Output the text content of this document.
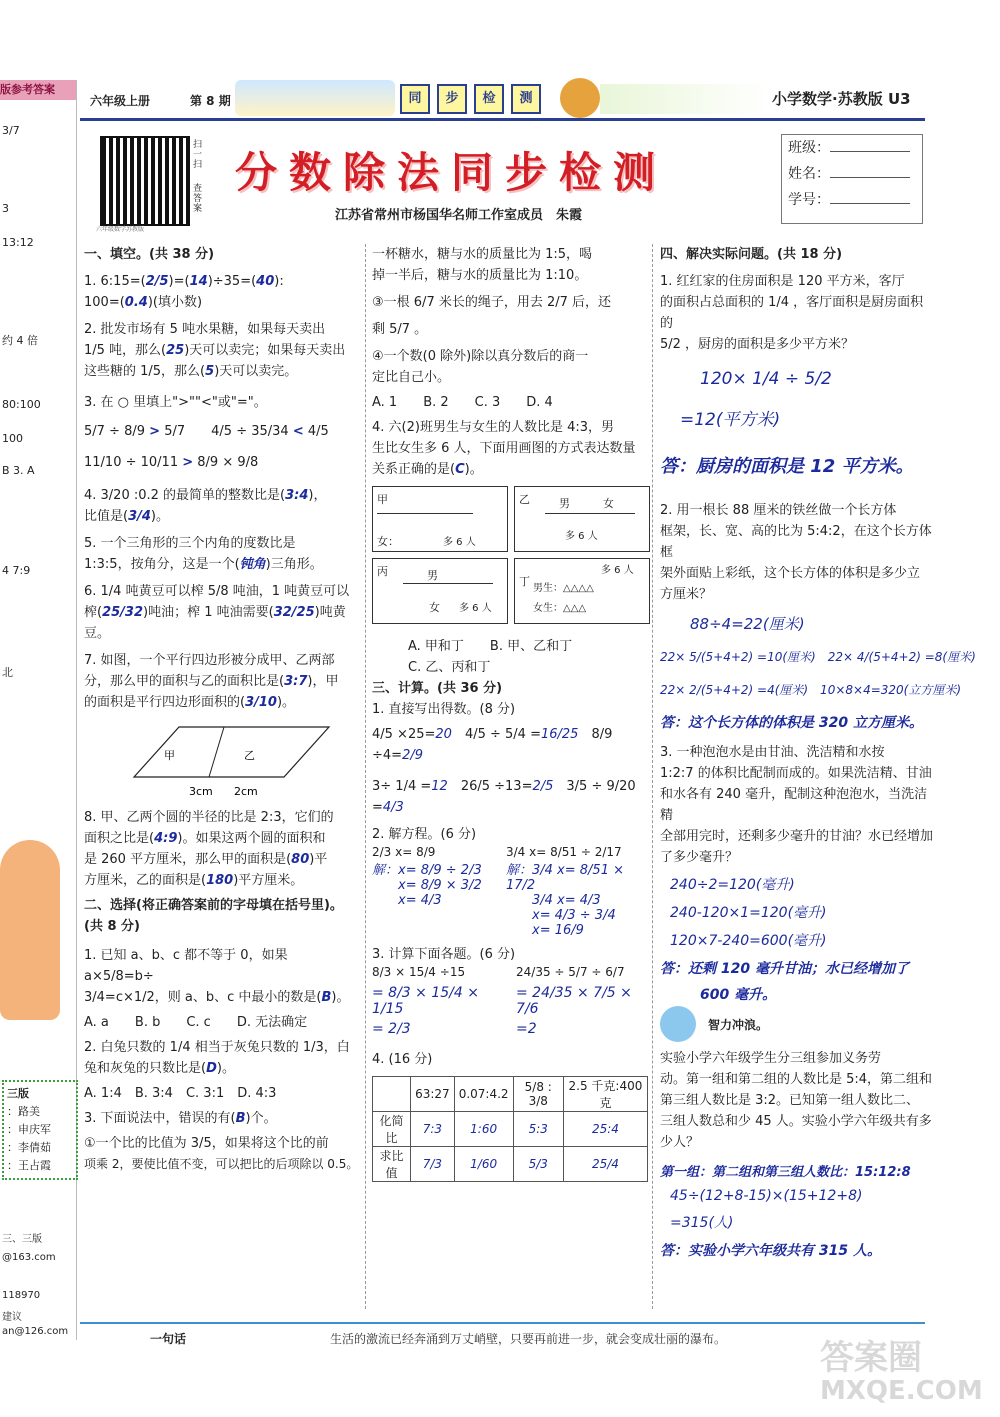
版参考答案
3/7
3
13:12
约 4 倍
80:100
100
B 3. A
4 7:9
北
三版
：路美
：申庆军
：李倩茹
：王占霞
三、三版
@163.com
118970
建议
an@126.com
六年级上册	第 8 期	同 步 检 测	小学数学·苏教版 U3
扫一扫
查答案
六年级数学苏教版
分数除法同步检测
江苏省常州市杨国华名师工作室成员　朱霞
班级：
姓名：
学号：

一、填空。(共 38 分)

1. 6:15=(2/5)=(14)÷35=(40):

100=(0.4)(填小数)

2. 批发市场有 5 吨水果糖，如果每天卖出

1/5 吨，那么(25)天可以卖完；如果每天卖出

这些糖的 1/5，那么(5)天可以卖完。

3. 在 ○ 里填上">""<"或"="。

5/7 ÷ 8/9 > 5/7　　 4/5 ÷ 35/34 < 4/5

11/10 ÷ 10/11 > 8/9 × 9/8

4. 3/20 :0.2 的最简单的整数比是(3:4)，

比值是(3/4)。

5. 一个三角形的三个内角的度数比是

1:3:5，按角分，这是一个(钝角)三角形。

6. 1/4 吨黄豆可以榨 5/8 吨油，1 吨黄豆可以

榨(25/32)吨油；榨 1 吨油需要(32/25)吨黄

豆。

7. 如图，一个平行四边形被分成甲、乙两部

分，那么甲的面积与乙的面积比是(3:7)，甲

的面积是平行四边形面积的(3/10)。

甲	乙
3cm 2cm

8. 甲、乙两个圆的半径的比是 2:3，它们的

面积之比是(4:9)。如果这两个圆的面积和

是 260 平方厘米，那么甲的面积是(80)平

方厘米，乙的面积是(180)平方厘米。

二、选择(将正确答案前的字母填在括号里)。

(共 8 分)

1. 已知 a、b、c 都不等于 0，如果 a×5/8=b÷

3/4=c×1/2，则 a、b、c 中最小的数是(B)。

A. a　　B. b　　C. c　　D. 无法确定

2. 白兔只数的 1/4 相当于灰兔只数的 1/3，白

兔和灰兔的只数比是(D)。

A. 1:4　B. 3:4　C. 3:1　D. 4:3

3. 下面说法中，错误的有(B)个。

①一个比的比值为 3/5，如果将这个比的前

项乘 2，要使比值不变，可以把比的后项除以 0.5。

一杯糖水，糖与水的质量比为 1:5，喝

掉一半后，糖与水的质量比为 1:10。

③一根 6/7 米长的绳子，用去 2/7 后，还

剩 5/7 。

④一个数(0 除外)除以真分数后的商一

定比自己小。

A. 1　　B. 2　　C. 3　　D. 4

4. 六(2)班男生与女生的人数比是 4:3，男

生比女生多 6 人，下面用画图的方式表达数量

关系正确的是(C)。

甲
女：	多 6 人
乙	男	女
多 6 人
丙	男
女 多 6 人
丁
多 6 人
男生：△△△△
女生：△△△

A. 甲和丁　　B. 甲、乙和丁

C. 乙、丙和丁

三、计算。(共 36 分)

1. 直接写出得数。(8 分)

4/5 ×25=20　 4/5 ÷ 5/4 =16/25　 8/9 ÷4=2/9

3÷ 1/4 =12　 26/5 ÷13=2/5　 3/5 ÷ 9/20 =4/3

2. 解方程。(6 分)

2/3 x= 8/9
解：x= 8/9 ÷ 2/3
x= 8/9 × 3/2
x= 4/3
3/4 x= 8/51 ÷ 2/17
解：3/4 x= 8/51 × 17/2
3/4 x= 4/3
x= 4/3 ÷ 3/4
x= 16/9

3. 计算下面各题。(6 分)

8/3 × 15/4 ÷15
= 8/3 × 15/4 × 1/15
= 2/3
24/35 ÷ 5/7 ÷ 6/7
= 24/35 × 7/5 × 7/6
=2

4. (16 分)

	63:27	0.07:4.2	5/8 : 3/8	2.5 千克:400 克
化简比	7:3	1:60	5:3	25:4
求比值	7/3	1/60	5/3	25/4

四、解决实际问题。(共 18 分)

1. 红红家的住房面积是 120 平方米，客厅

的面积占总面积的 1/4 ，客厅面积是厨房面积的

5/2 ，厨房的面积是多少平方米？

120× 1/4 ÷ 5/2
=12(平方米)
答：厨房的面积是 12 平方米。

2. 用一根长 88 厘米的铁丝做一个长方体

框架，长、宽、高的比为 5:4:2，在这个长方体框

架外面贴上彩纸，这个长方体的体积是多少立

方厘米？

88÷4=22(厘米)
22× 5/(5+4+2) =10(厘米)　22× 4/(5+4+2) =8(厘米)
22× 2/(5+4+2) =4(厘米)　10×8×4=320(立方厘米)
答：这个长方体的体积是 320 立方厘米。

3. 一种泡泡水是由甘油、洗洁精和水按

1:2:7 的体积比配制而成的。如果洗洁精、甘油

和水各有 240 毫升，配制这种泡泡水，当洗洁精

全部用完时，还剩多少毫升的甘油？水已经增加

了多少毫升？

240÷2=120(毫升)
240-120×1=120(毫升)
120×7-240=600(毫升)
答：还剩 120 毫升甘油；水已经增加了
600 毫升。
智力冲浪。

实验小学六年级学生分三组参加义务劳

动。第一组和第二组的人数比是 5:4，第二组和

第三组人数比是 3:2。已知第一组人数比二、

三组人数总和少 45 人。实验小学六年级共有多

少人？

第一组：第二组和第三组人数比：15:12:8
45÷(12+8-15)×(15+12+8)
=315(人)
答：实验小学六年级共有 315 人。
一句话	生活的激流已经奔涌到万丈峭壁，只要再前进一步，就会变成壮丽的瀑布。	答案圈
MXQE.COM
